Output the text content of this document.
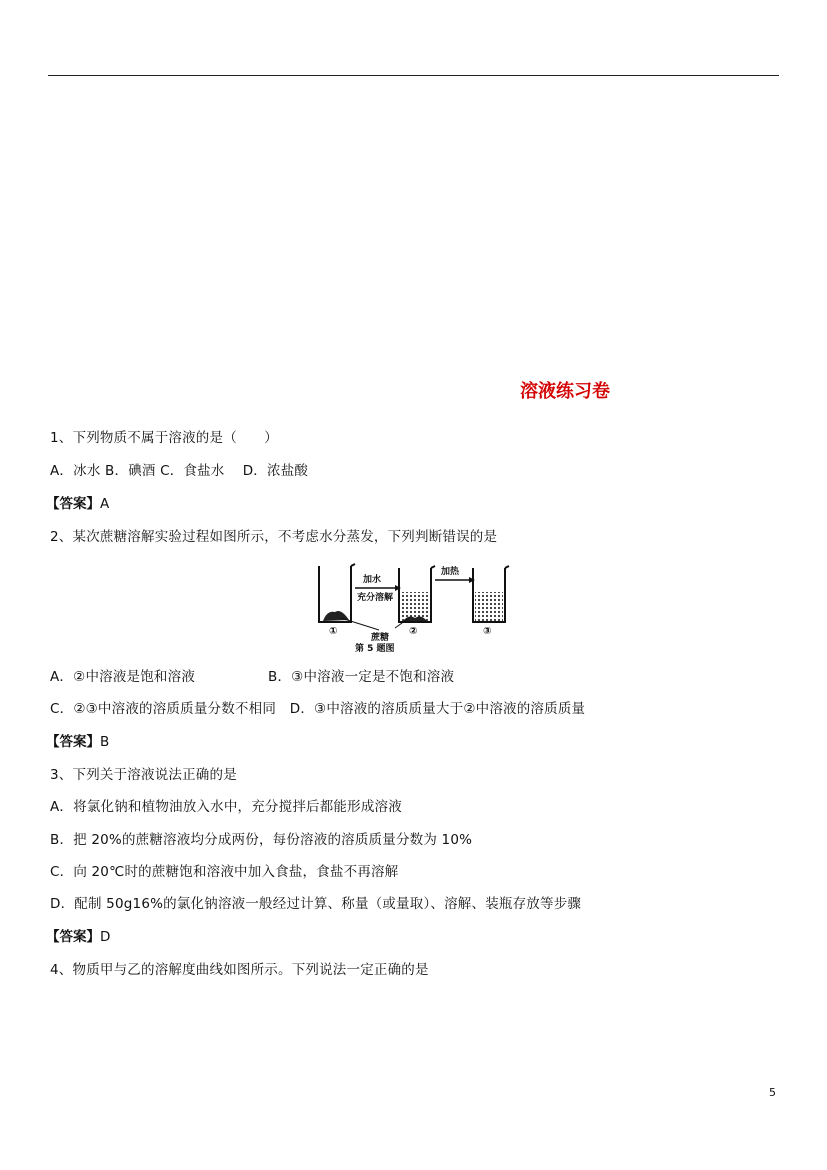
溶液练习卷
1、下列物质不属于溶液的是（　　）
A．冰水 B．碘酒 C．食盐水　 D．浓盐酸
【答案】A
2、某次蔗糖溶解实验过程如图所示，不考虑水分蒸发，下列判断错误的是
加水
充分溶解
加热
蔗糖
①	②	③
第 5 题图
A．②中溶液是饱和溶液	B．③中溶液一定是不饱和溶液
C．②③中溶液的溶质质量分数不相同　D．③中溶液的溶质质量大于②中溶液的溶质质量
【答案】B
3、下列关于溶液说法正确的是
A．将氯化钠和植物油放入水中，充分搅拌后都能形成溶液
B．把 20%的蔗糖溶液均分成两份，每份溶液的溶质质量分数为 10%
C．向 20℃时的蔗糖饱和溶液中加入食盐，食盐不再溶解
D．配制 50g16%的氯化钠溶液一般经过计算、称量（或量取）、溶解、装瓶存放等步骤
【答案】D
4、物质甲与乙的溶解度曲线如图所示。下列说法一定正确的是
5
